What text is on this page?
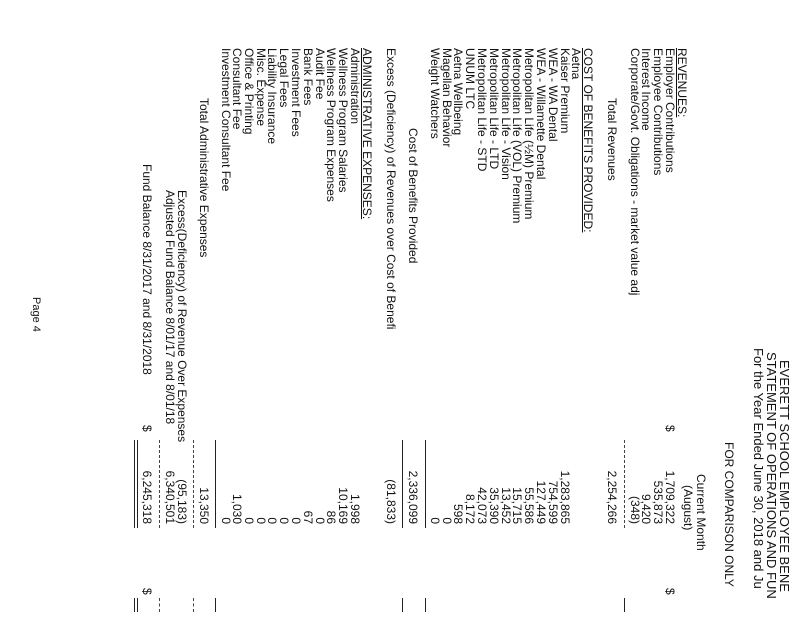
EVERETT SCHOOL EMPLOYEE BENE
STATEMENT OF OPERATIONS AND FUN
For the Year Ended June 30, 2018 and Ju
FOR COMPARISON ONLY
Current Month
(August)
REVENUES:
Employer Contributions
$
1,709,322
$
Employee Contributions
535,873
Interest Income
9,420
Corporate/Govt. Obligations - market value adj
(348)
Total Revenues
2,254,266
COST OF BENEFITS PROVIDED:
Aetna
Kaiser Premium
1,283,865
WEA - WA Dental
754,599
WEA - Willamette Dental
127,449
Metropolitan Life (½M) Premium
55,586
Metropolitan Life (VOL) Premium
15,715
Metropolitan Life - Vision
13,452
Metropolitan Life - LTD
35,390
Metropolitan Life - STD
42,073
UNUM LTC
8,172
Aetna Wellbeing
598
Magellan Behavior
0
Weight Watchers
0
Cost of Benefits Provided
2,336,099
Excess (Deficiency) of Revenues over Cost of Benefi
(81,833)
ADMINISTRATIVE EXPENSES:
Administration
1,998
Wellness Program Salaries
10,169
Wellness Program Expenses
86
Audit Fee
0
Bank Fees
67
Investment Fees
0
Legal Fees
0
Liability Insurance
0
Misc. Expense
0
Office & Printing
0
Consultant Fee
1,030
Investment Consultant Fee
0
Total Administrative Expenses
13,350
Excess(Deficiency) of Revenue Over Expenses
(95,183)
Adjusted Fund Balance 8/01/17 and 8/01/18
6,340,501
Fund Balance 8/31/2017 and 8/31/2018
$
6,245,318
$
Page 4
